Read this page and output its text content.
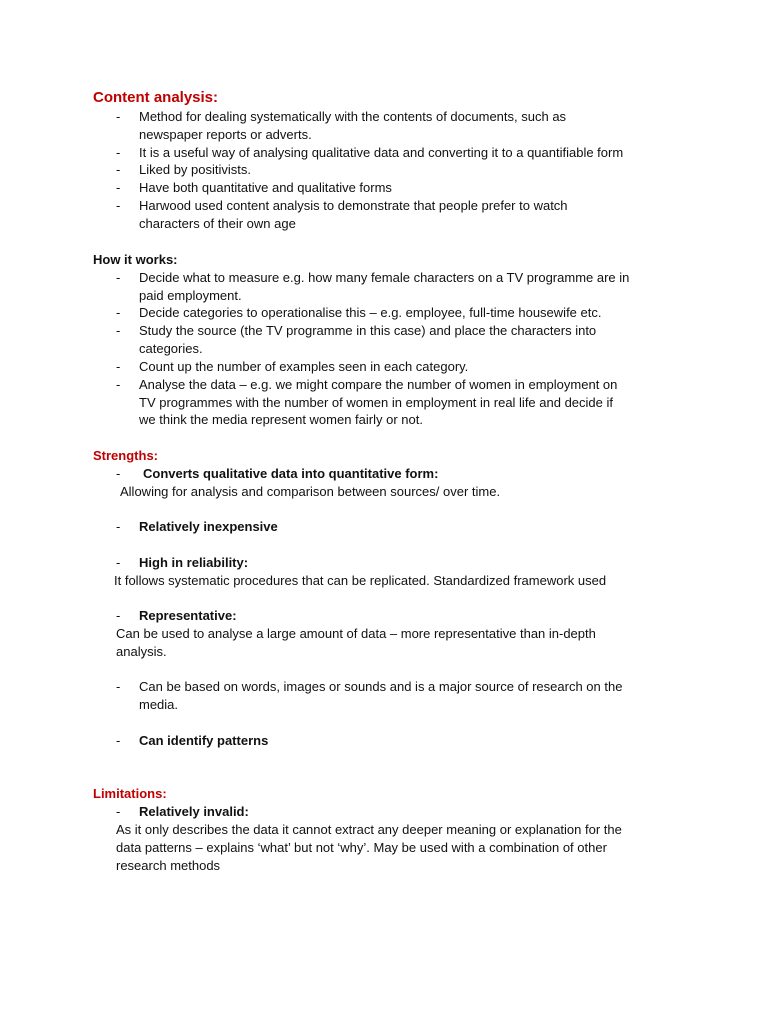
Content analysis:
- Method for dealing systematically with the contents of documents, such as
newspaper reports or adverts.
- It is a useful way of analysing qualitative data and converting it to a quantifiable form
- Liked by positivists.
- Have both quantitative and qualitative forms
- Harwood used content analysis to demonstrate that people prefer to watch
characters of their own age
How it works:
- Decide what to measure e.g. how many female characters on a TV programme are in
paid employment.
- Decide categories to operationalise this – e.g. employee, full-time housewife etc.
- Study the source (the TV programme in this case) and place the characters into
categories.
- Count up the number of examples seen in each category.
- Analyse the data – e.g. we might compare the number of women in employment on
TV programmes with the number of women in employment in real life and decide if
we think the media represent women fairly or not.
Strengths:
- Converts qualitative data into quantitative form:
Allowing for analysis and comparison between sources/ over time.
- Relatively inexpensive
- High in reliability:
It follows systematic procedures that can be replicated. Standardized framework used
- Representative:
Can be used to analyse a large amount of data – more representative than in-depth
analysis.
- Can be based on words, images or sounds and is a major source of research on the
media.
- Can identify patterns
Limitations:
- Relatively invalid:
As it only describes the data it cannot extract any deeper meaning or explanation for the
data patterns – explains ‘what’ but not ‘why’. May be used with a combination of other
research methods
